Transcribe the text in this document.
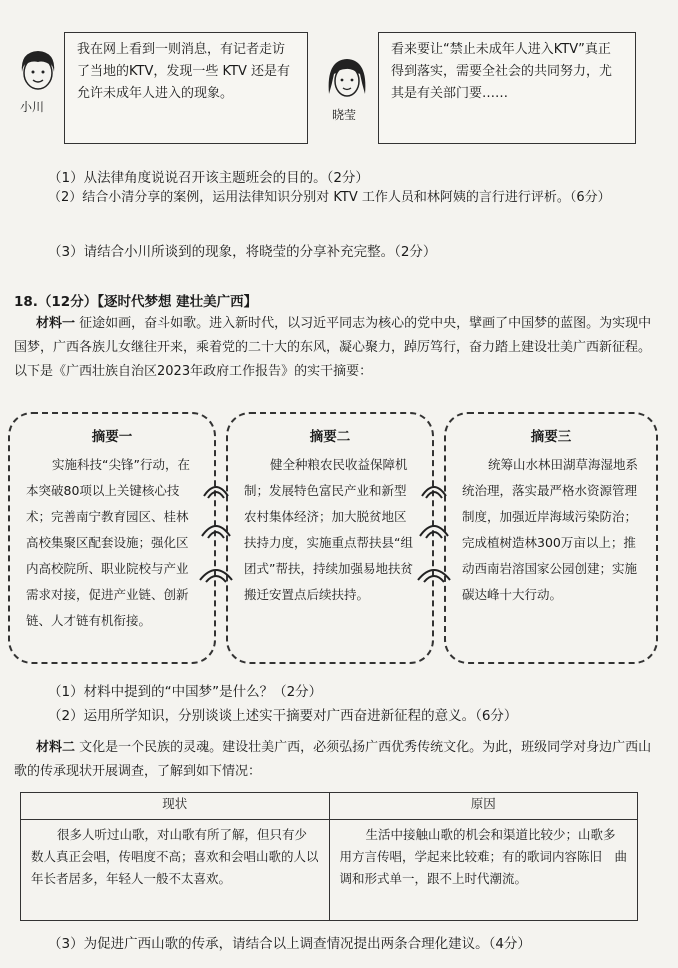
小川
我在网上看到一则消息，有记者走访了当地的KTV，发现一些 KTV 还是有允许未成年人进入的现象。
晓莹
看来要让“禁止未成年人进入KTV”真正得到落实，需要全社会的共同努力，尤其是有关部门要……
（1）从法律角度说说召开该主题班会的目的。（2分）
（2）结合小清分享的案例，运用法律知识分别对 KTV 工作人员和林阿姨的言行进行评析。（6分）
（3）请结合小川所谈到的现象，将晓莹的分享补充完整。（2分）
18.（12分）【逐时代梦想 建壮美广西】
材料一 征途如画，奋斗如歌。进入新时代，以习近平同志为核心的党中央，擘画了中国梦的蓝图。为实现中国梦，广西各族儿女继往开来，乘着党的二十大的东风，凝心聚力，踔厉笃行，奋力踏上建设壮美广西新征程。以下是《广西壮族自治区2023年政府工作报告》的实干摘要：
摘要一
实施科技“尖锋”行动，在本突破80项以上关键核心技术；完善南宁教育园区、桂林高校集聚区配套设施；强化区内高校院所、职业院校与产业需求对接，促进产业链、创新链、人才链有机衔接。
摘要二
健全种粮农民收益保障机制；发展特色富民产业和新型农村集体经济；加大脱贫地区扶持力度，实施重点帮扶县“组团式”帮扶，持续加强易地扶贫搬迁安置点后续扶持。
摘要三
统筹山水林田湖草海湿地系统治理，落实最严格水资源管理制度，加强近岸海域污染防治；完成植树造林300万亩以上；推动西南岩溶国家公园创建；实施碳达峰十大行动。
（1）材料中提到的“中国梦”是什么？（2分）
（2）运用所学知识，分别谈谈上述实干摘要对广西奋进新征程的意义。（6分）
材料二 文化是一个民族的灵魂。建设壮美广西，必须弘扬广西优秀传统文化。为此，班级同学对身边广西山歌的传承现状开展调查，了解到如下情况：
现状	原因
很多人听过山歌，对山歌有所了解，但只有少数人真正会唱，传唱度不高；喜欢和会唱山歌的人以年长者居多，年轻人一般不太喜欢。	生活中接触山歌的机会和渠道比较少；山歌多用方言传唱，学起来比较难；有的歌词内容陈旧　曲调和形式单一，跟不上时代潮流。
（3）为促进广西山歌的传承，请结合以上调查情况提出两条合理化建议。（4分）
